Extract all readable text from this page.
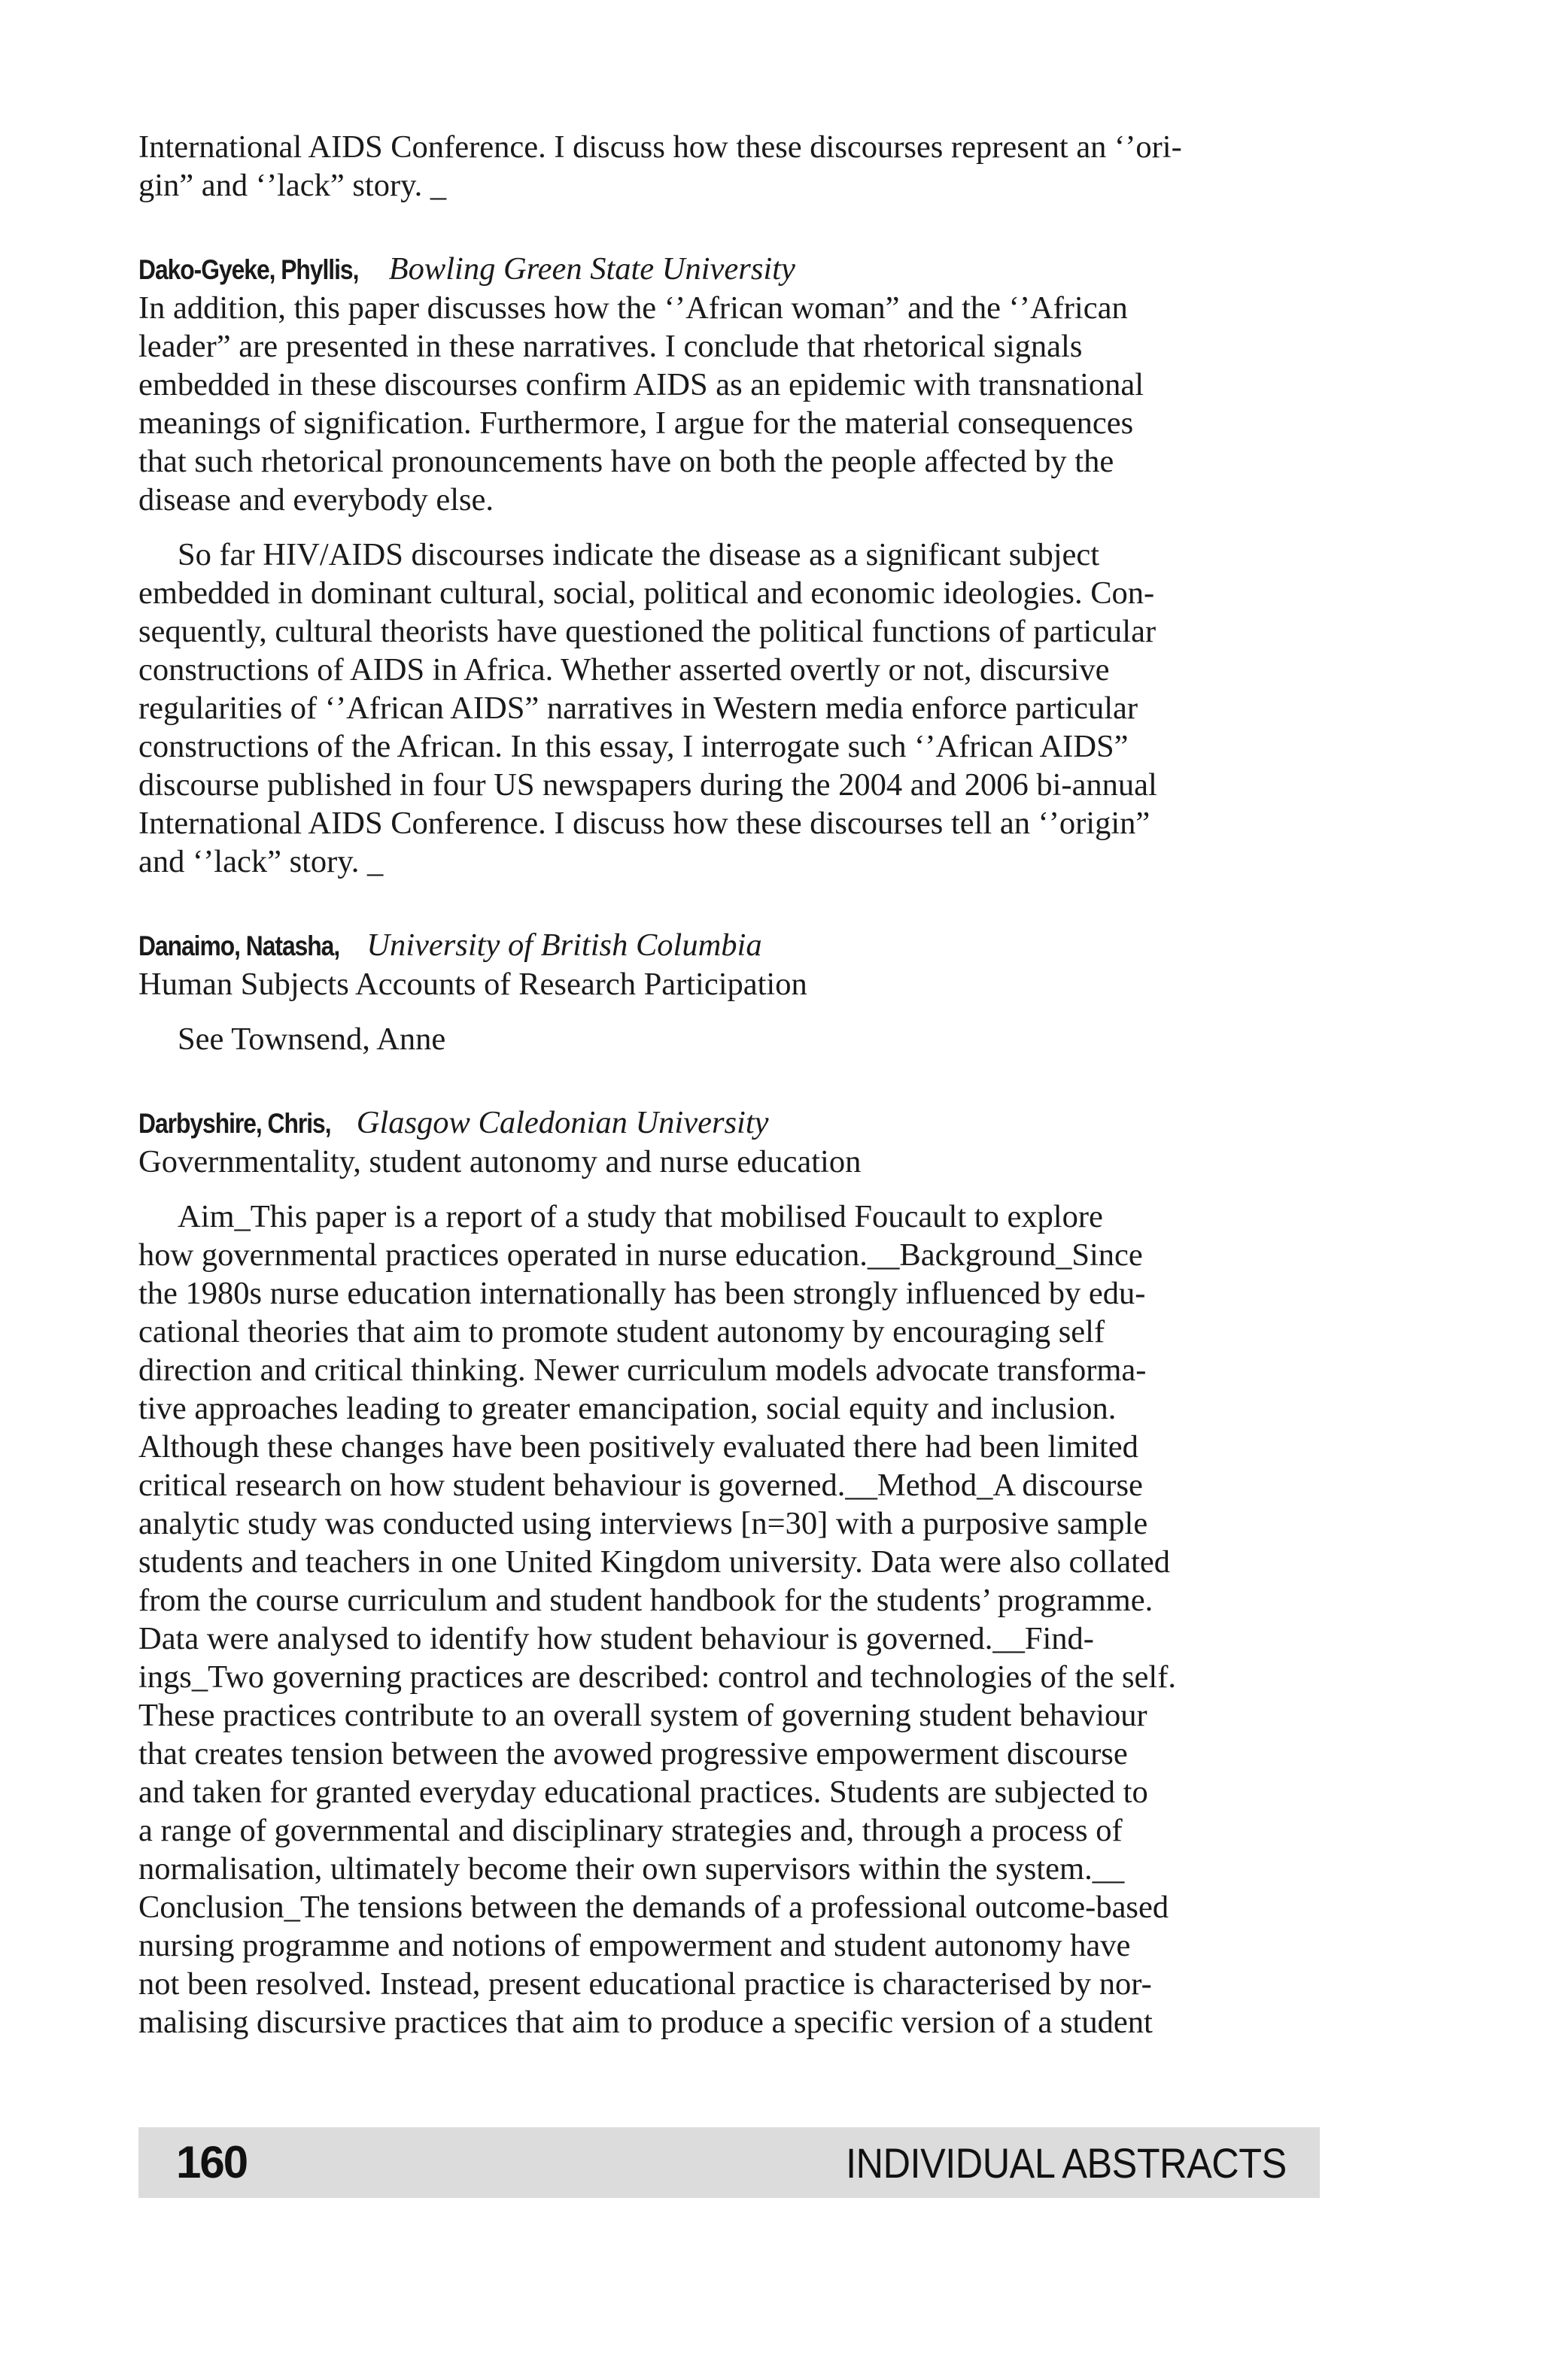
International AIDS Conference. I discuss how these discourses represent an ‘’ori-
gin” and ‘’lack” story. _
Dako-Gyeke, Phyllis, Bowling Green State University
In addition, this paper discusses how the ‘’African woman” and the ‘’African
leader” are presented in these narratives. I conclude that rhetorical signals
embedded in these discourses confirm AIDS as an epidemic with transnational
meanings of signification. Furthermore, I argue for the material consequences
that such rhetorical pronouncements have on both the people affected by the
disease and everybody else.
So far HIV/AIDS discourses indicate the disease as a significant subject
embedded in dominant cultural, social, political and economic ideologies. Con-
sequently, cultural theorists have questioned the political functions of particular
constructions of AIDS in Africa. Whether asserted overtly or not, discursive
regularities of ‘’African AIDS” narratives in Western media enforce particular
constructions of the African. In this essay, I interrogate such ‘’African AIDS”
discourse published in four US newspapers during the 2004 and 2006 bi-annual
International AIDS Conference. I discuss how these discourses tell an ‘’origin”
and ‘’lack” story. _
Danaimo, Natasha, University of British Columbia
Human Subjects Accounts of Research Participation
See Townsend, Anne
Darbyshire, Chris, Glasgow Caledonian University
Governmentality, student autonomy and nurse education
Aim_This paper is a report of a study that mobilised Foucault to explore
how governmental practices operated in nurse education.__Background_Since
the 1980s nurse education internationally has been strongly influenced by edu-
cational theories that aim to promote student autonomy by encouraging self
direction and critical thinking. Newer curriculum models advocate transforma-
tive approaches leading to greater emancipation, social equity and inclusion.
Although these changes have been positively evaluated there had been limited
critical research on how student behaviour is governed.__Method_A discourse
analytic study was conducted using interviews [n=30] with a purposive sample
students and teachers in one United Kingdom university. Data were also collated
from the course curriculum and student handbook for the students’ programme.
Data were analysed to identify how student behaviour is governed.__Find-
ings_Two governing practices are described: control and technologies of the self.
These practices contribute to an overall system of governing student behaviour
that creates tension between the avowed progressive empowerment discourse
and taken for granted everyday educational practices. Students are subjected to
a range of governmental and disciplinary strategies and, through a process of
normalisation, ultimately become their own supervisors within the system.__
Conclusion_The tensions between the demands of a professional outcome-based
nursing programme and notions of empowerment and student autonomy have
not been resolved. Instead, present educational practice is characterised by nor-
malising discursive practices that aim to produce a specific version of a student
160	INDIVIDUAL ABSTRACTS
